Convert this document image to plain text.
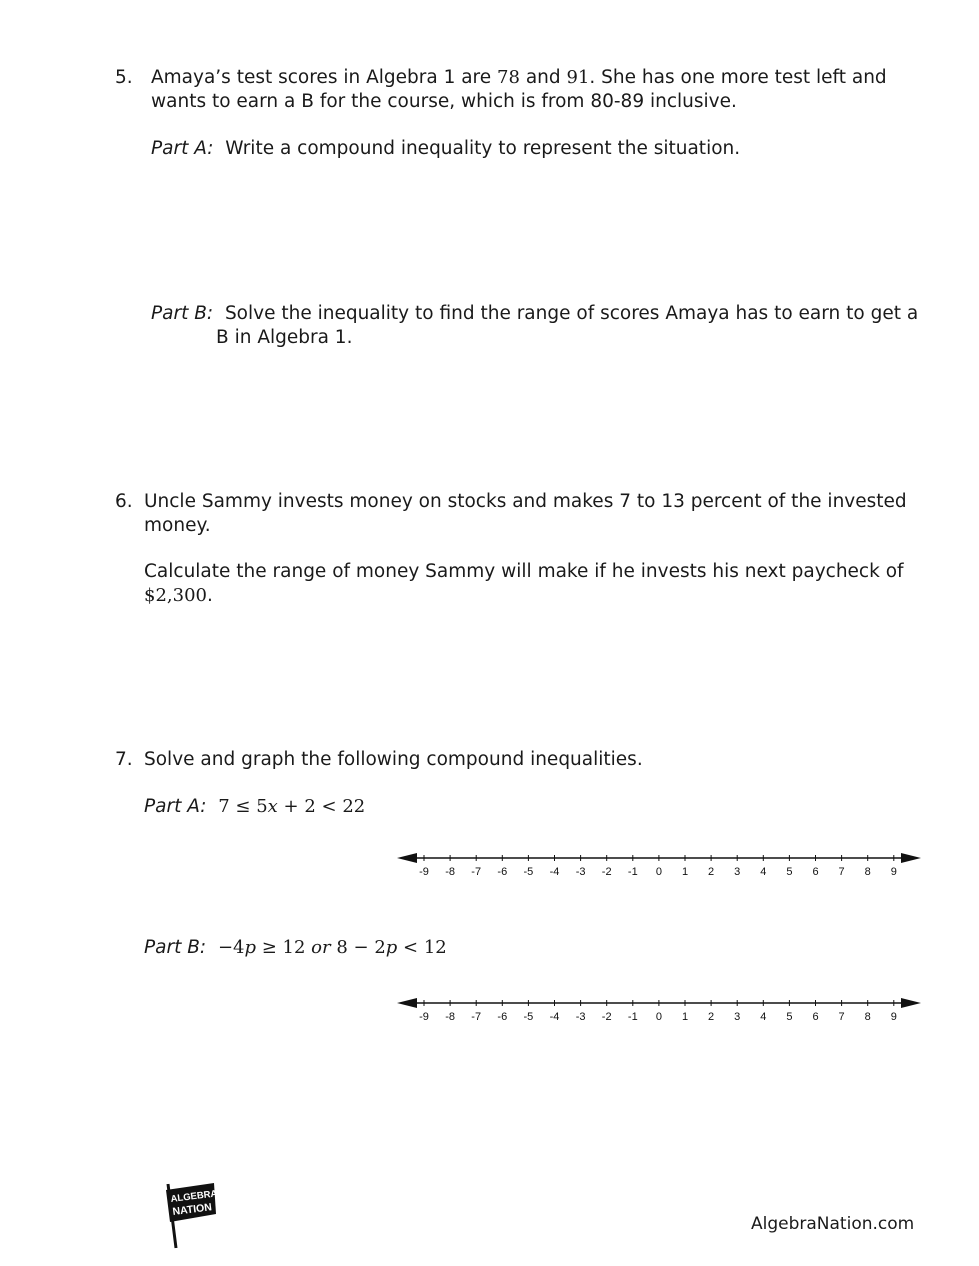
5. Amaya’s test scores in Algebra 1 are 78 and 91. She has one more test left and
wants to earn a B for the course, which is from 80-89 inclusive.
Part A: Write a compound inequality to represent the situation.
Part B: Solve the inequality to find the range of scores Amaya has to earn to get a
B in Algebra 1.
6. Uncle Sammy invests money on stocks and makes 7 to 13 percent of the invested
money.
Calculate the range of money Sammy will make if he invests his next paycheck of
$2,300.
7. Solve and graph the following compound inequalities.
Part A: 7 ≤ 5x + 2 < 22
-9 -8 -7 -6 -5 -4 -3 -2 -1 0 1 2 3 4 5 6 7 8 9
Part B: −4p ≥ 12 or 8 − 2p < 12
-9 -8 -7 -6 -5 -4 -3 -2 -1 0 1 2 3 4 5 6 7 8 9
ALGEBRA
NATION
AlgebraNation.com
